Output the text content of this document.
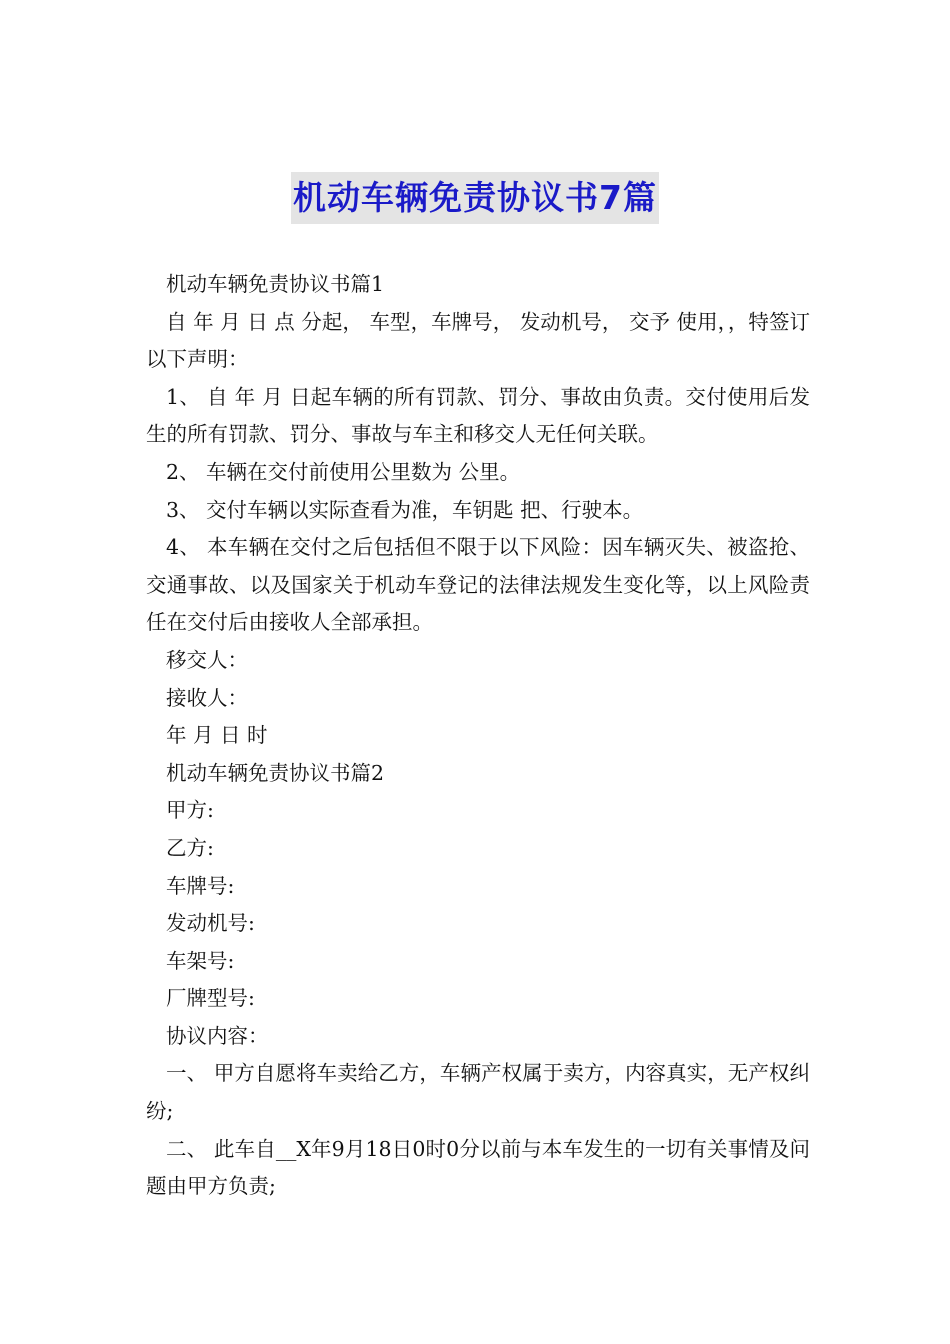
机动车辆免责协议书7篇

机动车辆免责协议书篇1

自 年 月 日 点 分起， 车型，车牌号， 发动机号， 交予 使用，，特签订以下声明：

1、 自 年 月 日起车辆的所有罚款、罚分、事故由负责。交付使用后发生的所有罚款、罚分、事故与车主和移交人无任何关联。

2、 车辆在交付前使用公里数为 公里。

3、 交付车辆以实际查看为准，车钥匙 把、行驶本。

4、 本车辆在交付之后包括但不限于以下风险：因车辆灭失、被盗抢、交通事故、以及国家关于机动车登记的法律法规发生变化等，以上风险责任在交付后由接收人全部承担。

移交人：

接收人：

年 月 日 时

机动车辆免责协议书篇2

甲方:

乙方:

车牌号:

发动机号:

车架号:

厂牌型号:

协议内容：

一、 甲方自愿将车卖给乙方，车辆产权属于卖方，内容真实，无产权纠纷;

二、 此车自__X年9月18日0时0分以前与本车发生的一切有关事情及问题由甲方负责;
